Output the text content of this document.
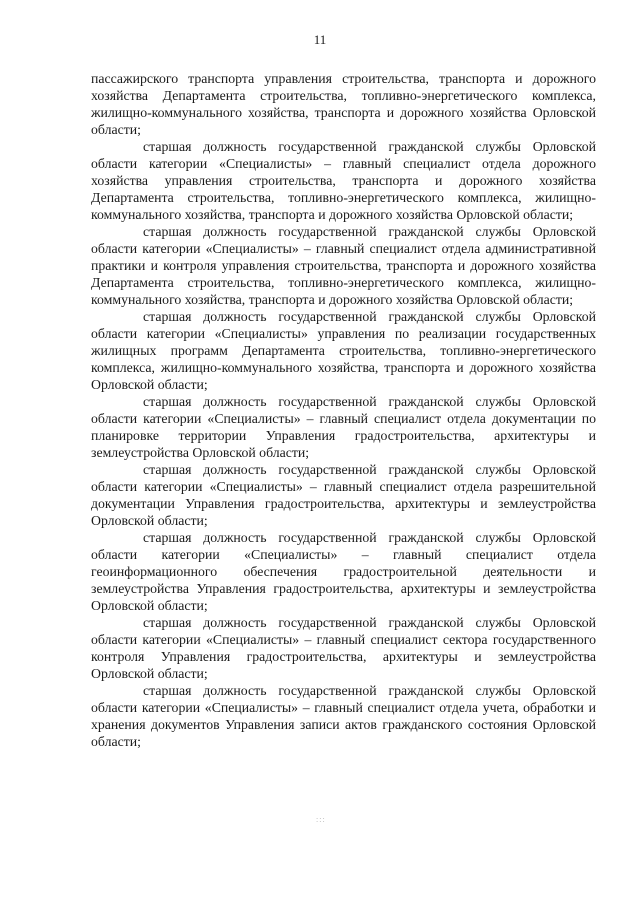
11

пассажирского транспорта управления строительства, транспорта и дорожного хозяйства Департамента строительства, топливно-энергетического комплекса, жилищно-коммунального хозяйства, транспорта и дорожного хозяйства Орловской области;

старшая должность государственной гражданской службы Орловской области категории «Специалисты» – главный специалист отдела дорожного хозяйства управления строительства, транспорта и дорожного хозяйства Департамента строительства, топливно-энергетического комплекса, жилищно-коммунального хозяйства, транспорта и дорожного хозяйства Орловской области;

старшая должность государственной гражданской службы Орловской области категории «Специалисты» – главный специалист отдела административной практики и контроля управления строительства, транспорта и дорожного хозяйства Департамента строительства, топливно-энергетического комплекса, жилищно-коммунального хозяйства, транспорта и дорожного хозяйства Орловской области;

старшая должность государственной гражданской службы Орловской области категории «Специалисты» управления по реализации государственных жилищных программ Департамента строительства, топливно-энергетического комплекса, жилищно-коммунального хозяйства, транспорта и дорожного хозяйства Орловской области;

старшая должность государственной гражданской службы Орловской области категории «Специалисты» – главный специалист отдела документации по планировке территории Управления градостроительства, архитектуры и землеустройства Орловской области;

старшая должность государственной гражданской службы Орловской области категории «Специалисты» – главный специалист отдела разрешительной документации Управления градостроительства, архитектуры и землеустройства Орловской области;

старшая должность государственной гражданской службы Орловской области категории «Специалисты» – главный специалист отдела геоинформационного обеспечения градостроительной деятельности и землеустройства Управления градостроительства, архитектуры и землеустройства Орловской области;

старшая должность государственной гражданской службы Орловской области категории «Специалисты» – главный специалист сектора государственного контроля Управления градостроительства, архитектуры и землеустройства Орловской области;

старшая должность государственной гражданской службы Орловской области категории «Специалисты» – главный специалист отдела учета, обработки и хранения документов Управления записи актов гражданского состояния Орловской области;

:::
